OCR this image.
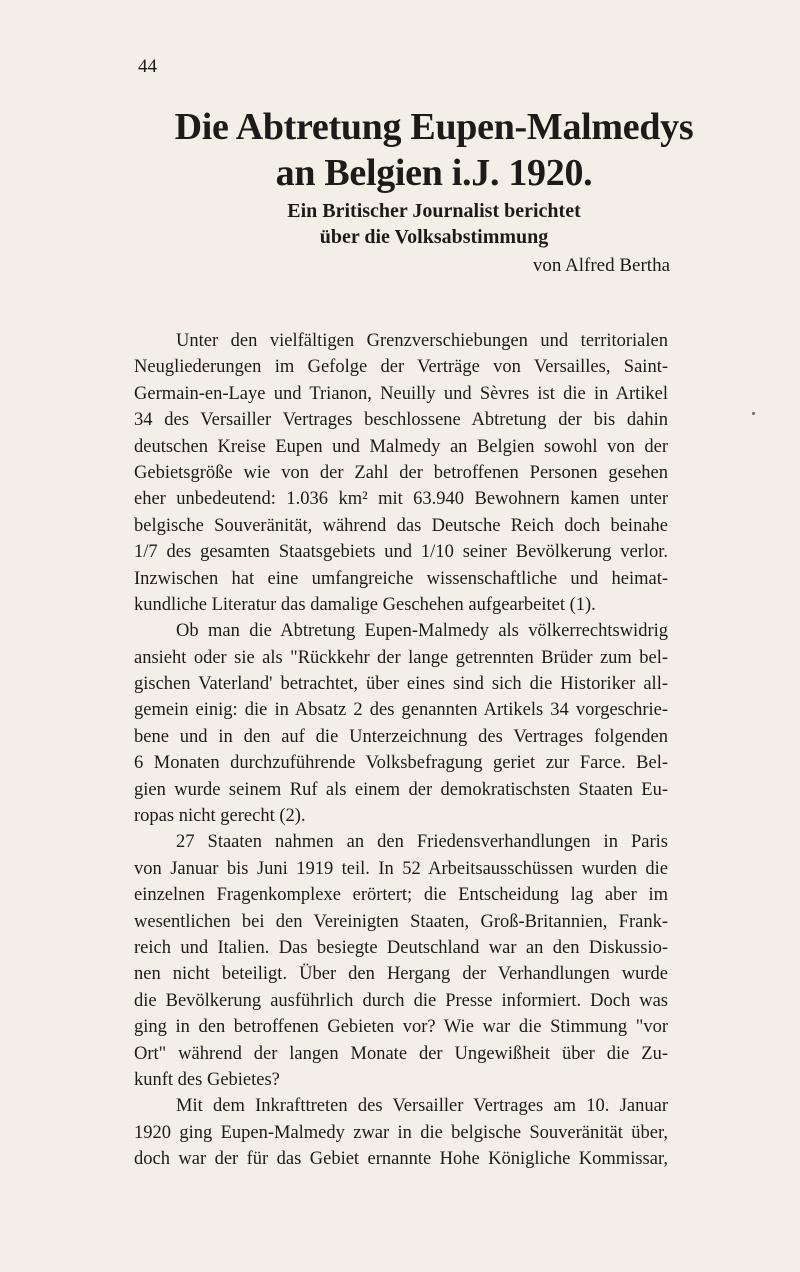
44
Die Abtretung Eupen-Malmedys
an Belgien i.J. 1920.
Ein Britischer Journalist berichtet
über die Volksabstimmung
von Alfred Bertha
Unter den vielfältigen Grenzverschiebungen und territorialen
Neugliederungen im Gefolge der Verträge von Versailles, Saint-
Germain-en-Laye und Trianon, Neuilly und Sèvres ist die in Artikel
34 des Versailler Vertrages beschlossene Abtretung der bis dahin
deutschen Kreise Eupen und Malmedy an Belgien sowohl von der
Gebietsgröße wie von der Zahl der betroffenen Personen gesehen
eher unbedeutend: 1.036 km² mit 63.940 Bewohnern kamen unter
belgische Souveränität, während das Deutsche Reich doch beinahe
1/7 des gesamten Staatsgebiets und 1/10 seiner Bevölkerung verlor.
Inzwischen hat eine umfangreiche wissenschaftliche und heimat-
kundliche Literatur das damalige Geschehen aufgearbeitet (1).
Ob man die Abtretung Eupen-Malmedy als völkerrechtswidrig
ansieht oder sie als "Rückkehr der lange getrennten Brüder zum bel-
gischen Vaterland' betrachtet, über eines sind sich die Historiker all-
gemein einig: die in Absatz 2 des genannten Artikels 34 vorgeschrie-
bene und in den auf die Unterzeichnung des Vertrages folgenden
6 Monaten durchzuführende Volksbefragung geriet zur Farce. Bel-
gien wurde seinem Ruf als einem der demokratischsten Staaten Eu-
ropas nicht gerecht (2).
27 Staaten nahmen an den Friedensverhandlungen in Paris
von Januar bis Juni 1919 teil. In 52 Arbeitsausschüssen wurden die
einzelnen Fragenkomplexe erörtert; die Entscheidung lag aber im
wesentlichen bei den Vereinigten Staaten, Groß-Britannien, Frank-
reich und Italien. Das besiegte Deutschland war an den Diskussio-
nen nicht beteiligt. Über den Hergang der Verhandlungen wurde
die Bevölkerung ausführlich durch die Presse informiert. Doch was
ging in den betroffenen Gebieten vor? Wie war die Stimmung "vor
Ort" während der langen Monate der Ungewißheit über die Zu-
kunft des Gebietes?
Mit dem Inkrafttreten des Versailler Vertrages am 10. Januar
1920 ging Eupen-Malmedy zwar in die belgische Souveränität über,
doch war der für das Gebiet ernannte Hohe Königliche Kommissar,
